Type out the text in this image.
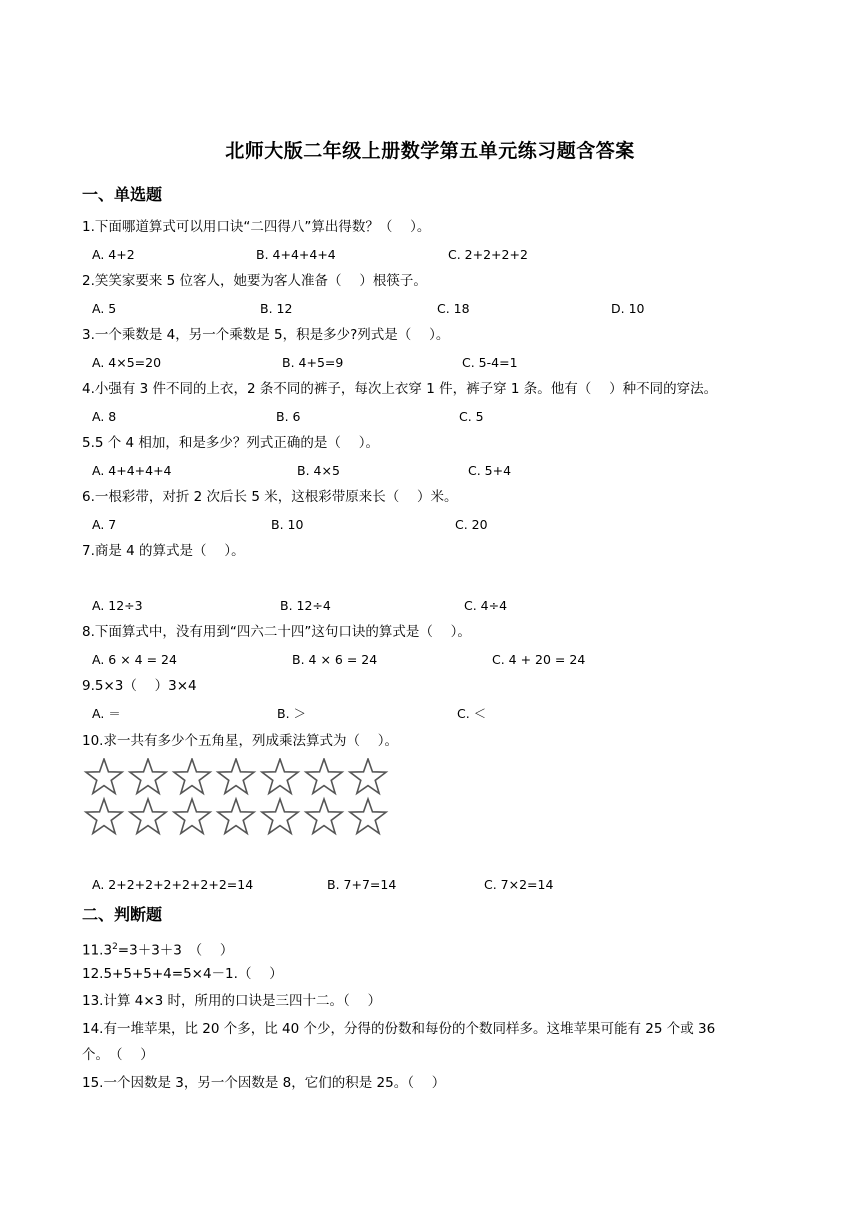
北师大版二年级上册数学第五单元练习题含答案
一、单选题
1.下面哪道算式可以用口诀“二四得八”算出得数？（　 ）。
A. 4+2	B. 4+4+4+4	C. 2+2+2+2
2.笑笑家要来 5 位客人，她要为客人准备（　 ）根筷子。
A. 5	B. 12	C. 18	D. 10
3.一个乘数是 4，另一个乘数是 5，积是多少?列式是（　 ）。
A. 4×5=20	B. 4+5=9	C. 5-4=1
4.小强有 3 件不同的上衣，2 条不同的裤子，每次上衣穿 1 件，裤子穿 1 条。他有（　 ）种不同的穿法。
A. 8	B. 6	C. 5
5.5 个 4 相加，和是多少？列式正确的是（　 ）。
A. 4+4+4+4	B. 4×5	C. 5+4
6.一根彩带，对折 2 次后长 5 米，这根彩带原来长（　 ）米。
A. 7	B. 10	C. 20
7.商是 4 的算式是（　 ）。
A. 12÷3	B. 12÷4	C. 4÷4
8.下面算式中，没有用到“四六二十四”这句口诀的算式是（　 ）。
A. 6 × 4 = 24	B. 4 × 6 = 24	C. 4 + 20 = 24
9.5×3（　 ）3×4
A. ＝	B. ＞	C. ＜
10.求一共有多少个五角星，列成乘法算式为（　 ）。
A. 2+2+2+2+2+2+2=14	B. 7+7=14	C. 7×2=14
二、判断题
$11.3^2=3+3+3$　（　 ）
12.5+5+5+4=5×4－1.（　 ）
13.计算 4×3 时，所用的口诀是三四十二。（　 ）
14.有一堆苹果，比 20 个多，比 40 个少，分得的份数和每份的个数同样多。这堆苹果可能有 25 个或 36
个。　（　 ）
15.一个因数是 3，另一个因数是 8，它们的积是 25。（　 ）
